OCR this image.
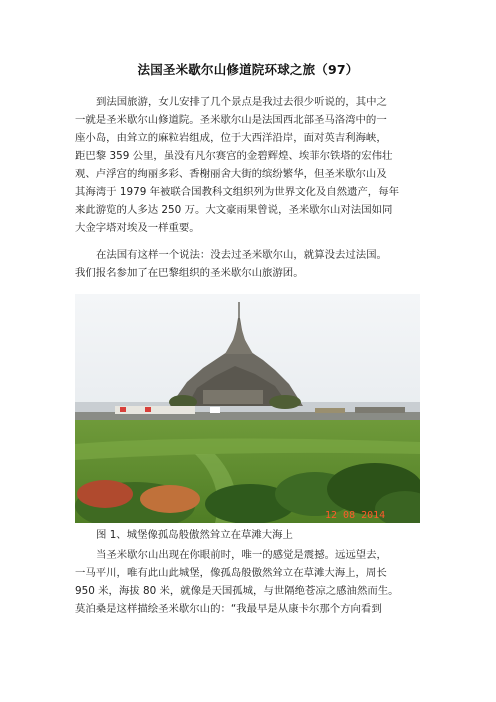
法国圣米歇尔山修道院环球之旅（97）
到法国旅游，女儿安排了几个景点是我过去很少听说的，其中之
一就是圣米歇尔山修道院。圣米歇尔山是法国西北部圣马洛湾中的一
座小岛，由耸立的麻粒岩组成，位于大西洋沿岸，面对英吉利海峡，
距巴黎 359 公里，虽没有凡尔赛宫的金碧辉煌、埃菲尔铁塔的宏伟壮
观、卢浮宫的绚丽多彩、香榭丽舍大街的缤纷繁华，但圣米歇尔山及
其海湾于 1979 年被联合国教科文组织列为世界文化及自然遗产，每年
来此游览的人多达 250 万。大文豪雨果曾说，圣米歇尔山对法国如同
大金字塔对埃及一样重要。
在法国有这样一个说法：没去过圣米歇尔山，就算没去过法国。
我们报名参加了在巴黎组织的圣米歇尔山旅游团。
12 08 2014
图 1、城堡像孤岛般傲然耸立在草滩大海上
当圣米歇尔山出现在你眼前时，唯一的感觉是震撼。远远望去，
一马平川，唯有此山此城堡，像孤岛般傲然耸立在草滩大海上，周长
950 米，海拔 80 米，就像是天国孤城，与世隔绝苍凉之感油然而生。
莫泊桑是这样描绘圣米歇尔山的：“我最早是从康卡尔那个方向看到
